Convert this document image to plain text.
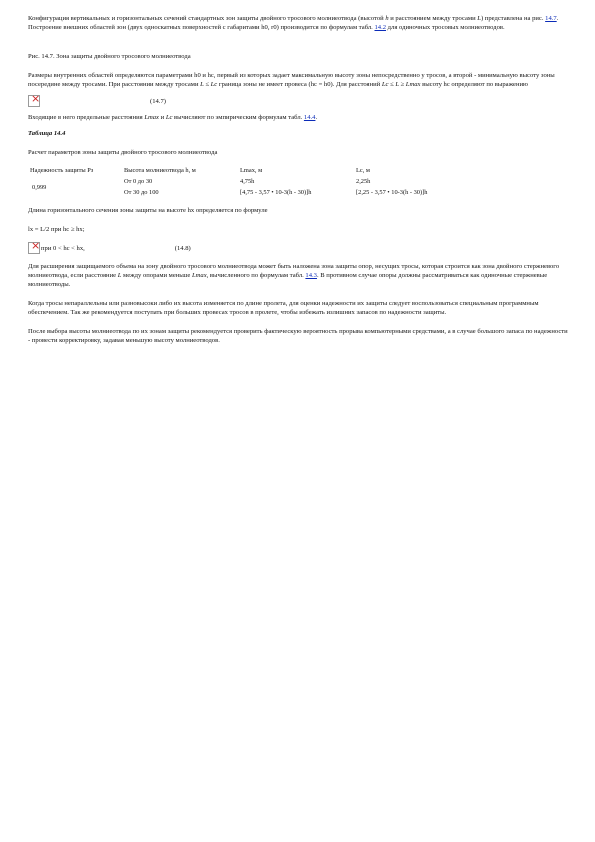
Конфигурация вертикальных и горизонтальных сечений стандартных зон защиты двойного тросового молниеотвода (высотой h и расстоянием между тросами L) представлена на рис. 14.7. Построение внешних областей зон (двух односкатных поверхностей с габаритами h0, r0) производится по формулам табл. 14.2 для одиночных тросовых молниеотводов.

Рис. 14.7. Зона защиты двойного тросового молниеотвода

Размеры внутренних областей определяются параметрами h0 и hc, первый из которых задает максимальную высоту зоны непосредственно у тросов, а второй - минимальную высоту зоны посередине между тросами. При расстоянии между тросами L ≤ Lc граница зоны не имеет провеса (hc = h0). Для расстояний Lc ≤ L ≥ Lmax высоту hc определяют по выражению

×
(14.7)

Входящие в него предельные расстояния Lmax и Lc вычисляют по эмпирическим формулам табл. 14.4.

Таблица 14.4

Расчет параметров зоны защиты двойного тросового молниеотвода

Надежность защиты Рз	Высота молниеотвода h, м	Lmax, м	Lc, м
0,999	От 0 до 30	4,75h	2,25h
	От 30 до 100	[4,75 - 3,57 • 10-3(h - 30)]h	[2,25 - 3,57 • 10-3(h - 30)]h

Длина горизонтального сечения зоны защиты на высоте hx определяется по формуле

lx = L/2 при hc ≥ hx;

×
при 0 < hc < hx,	(14.8)

Для расширения защищаемого объема на зону двойного тросового молниеотвода может быть наложена зона защиты опор, несущих тросы, которая строится как зона двойного стержневого молниеотвода, если расстояние L между опорами меньше Lmax, вычисленного по формулам табл. 14.3. В противном случае опоры должны рассматриваться как одиночные стержневые молниеотводы.

Когда тросы непараллельны или разновысоки либо их высота изменяется по длине пролета, для оценки надежности их защиты следует воспользоваться специальным программным обеспечением. Так же рекомендуется поступать при больших провесах тросов в пролете, чтобы избежать излишних запасов по надежности защиты.

После выбора высоты молниеотвода по их зонам защиты рекомендуется проверить фактическую вероятность прорыва компьютерными средствами, а в случае большого запаса по надежности - провести корректировку, задавая меньшую высоту молниеотводов.
